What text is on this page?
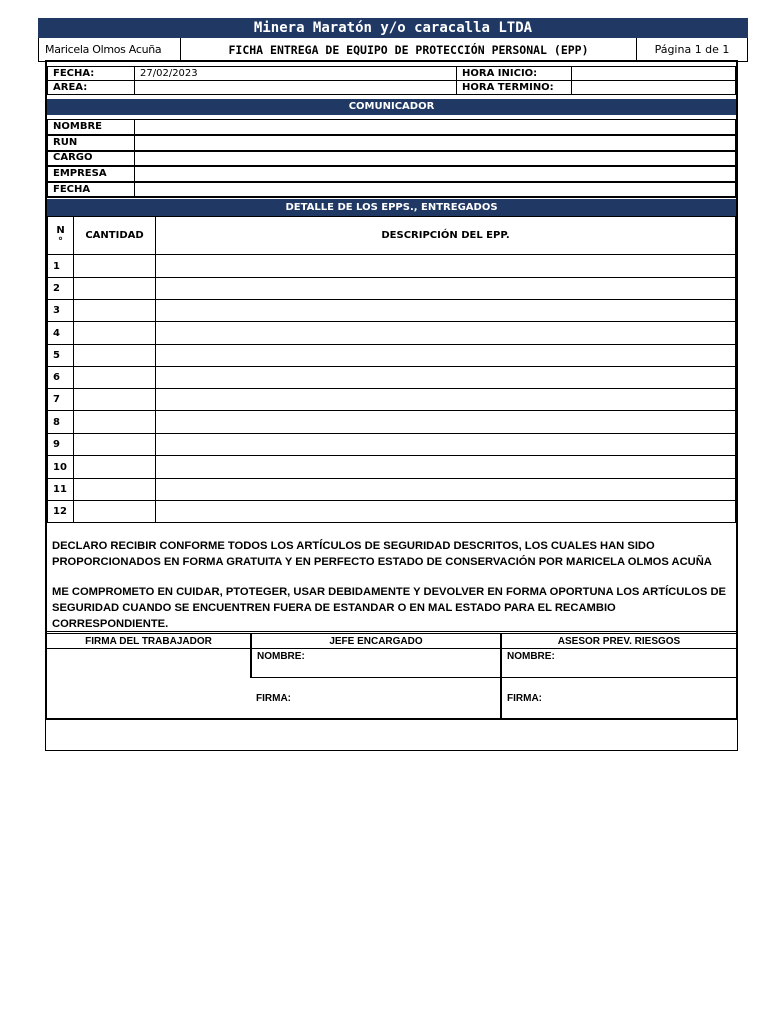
Minera Maratón y/o caracalla LTDA
Maricela Olmos Acuña	FICHA ENTREGA DE EQUIPO DE PROTECCIÓN PERSONAL (EPP)	Página 1 de 1
FECHA:	27/02/2023	HORA INICIO:	
AREA:		HORA TERMINO:	
COMUNICADOR
NOMBRE	
RUN	
CARGO	
EMPRESA	
FECHA	
DETALLE DE LOS EPPS., ENTREGADOS
N
°	CANTIDAD	DESCRIPCIÓN DEL EPP.
1		
2		
3		
4		
5		
6		
7		
8		
9		
10		
11		
12		

DECLARO RECIBIR CONFORME TODOS LOS ARTÍCULOS DE SEGURIDAD DESCRITOS, LOS CUALES HAN SIDO PROPORCIONADOS EN FORMA GRATUITA Y EN PERFECTO ESTADO DE CONSERVACIÓN POR MARICELA OLMOS ACUÑA

ME COMPROMETO EN CUIDAR, PTOTEGER, USAR DEBIDAMENTE Y DEVOLVER EN FORMA OPORTUNA LOS ARTÍCULOS DE SEGURIDAD CUANDO SE ENCUENTREN FUERA DE ESTANDAR O EN MAL ESTADO PARA EL RECAMBIO CORRESPONDIENTE.

FIRMA DEL TRABAJADOR	JEFE ENCARGADO	ASESOR PREV. RIESGOS
	NOMBRE:	NOMBRE:
	FIRMA:	FIRMA:
